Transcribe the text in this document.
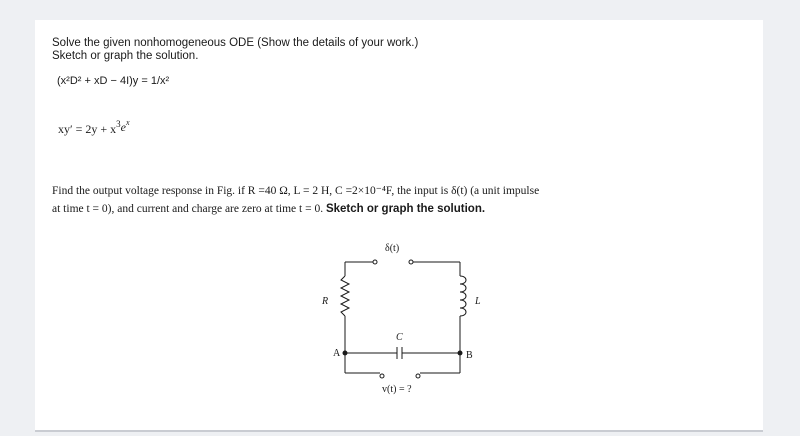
Solve the given nonhomogeneous ODE (Show the details of your work.)
Sketch or graph the solution.
(x²D² + xD − 4I)y = 1/x²
$xy' = 2y + x^3e^x$
Find the output voltage response in Fig. if R =40 Ω, L = 2 H, C =2×10⁻⁴F, the input is δ(t) (a unit impulse
at time t = 0), and current and charge are zero at time t = 0. Sketch or graph the solution.
δ(t)
R	L
C
A	B
v(t) = ?
